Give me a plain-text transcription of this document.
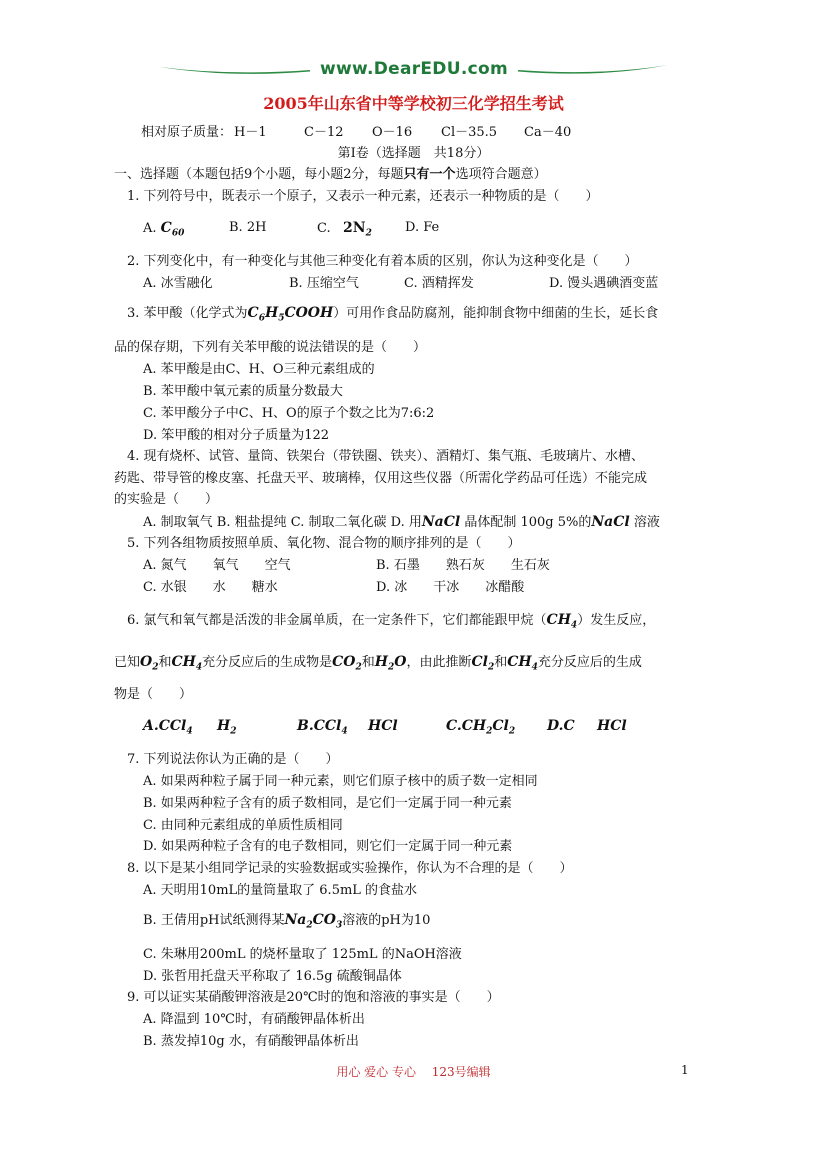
www.DearEDU.com
2005年山东省中等学校初三化学招生考试
相对原子质量： H－1	C－12 O－16 Cl－35.5 Ca－40
第Ⅰ卷（选择题　共18分）
一、选择题（本题包括9个小题，每小题2分，每题只有一个选项符合题意）
1. 下列符号中，既表示一个原子，又表示一种元素，还表示一种物质的是（　　）
A. $C_{60}$	B. 2H	C. $2N_2$	D. Fe
2. 下列变化中，有一种变化与其他三种变化有着本质的区别，你认为这种变化是（　　）
A. 冰雪融化	B. 压缩空气	C. 酒精挥发	D. 馒头遇碘酒变蓝
3. 苯甲酸（化学式为$C_6H_5COOH$）可用作食品防腐剂，能抑制食物中细菌的生长，延长食
品的保存期，下列有关苯甲酸的说法错误的是（　　）
A. 苯甲酸是由C、H、O三种元素组成的
B. 苯甲酸中氧元素的质量分数最大
C. 苯甲酸分子中C、H、O的原子个数之比为7:6:2
D. 笨甲酸的相对分子质量为122
4. 现有烧杯、试管、量筒、铁架台（带铁圈、铁夹）、酒精灯、集气瓶、毛玻璃片、水槽、
药匙、带导管的橡皮塞、托盘天平、玻璃棒，仅用这些仪器（所需化学药品可任选）不能完成
的实验是（　　）
A. 制取氧气 B. 粗盐提纯 C. 制取二氧化碳 D. 用NaCl 晶体配制 100g 5%的NaCl 溶液
5. 下列各组物质按照单质、氧化物、混合物的顺序排列的是（　　）
A. 氮气　　氧气　　空气	B. 石墨　　熟石灰　　生石灰
C. 水银　　水　　糖水	D. 冰　　干冰　　冰醋酸
6. 氯气和氧气都是活泼的非金属单质，在一定条件下，它们都能跟甲烷$(CH_4)$发生反应，
已知$O_2$和$CH_4$充分反应后的生成物是$CO_2$和$H_2O$，由此推断$Cl_2$和$CH_4$充分反应后的生成
物是（　　）
A.CCl$_4$ $H_2$	B.CCl$_4$ HCl	$C.CH_2Cl_2$ D.C HCl
7. 下列说法你认为正确的是（　　）
A. 如果两种粒子属于同一种元素，则它们原子核中的质子数一定相同
B. 如果两种粒子含有的质子数相同，是它们一定属于同一种元素
C. 由同种元素组成的单质性质相同
D. 如果两种粒子含有的电子数相同，则它们一定属于同一种元素
8. 以下是某小组同学记录的实验数据或实验操作，你认为不合理的是（　　）
A. 天明用10mL的量筒量取了 6.5mL 的食盐水
B. 王倩用pH试纸测得某$Na_2CO_3$溶液的pH为10
C. 朱琳用200mL 的烧杯量取了 125mL 的NaOH溶液
D. 张哲用托盘天平称取了 16.5g 硫酸铜晶体
9. 可以证实某硝酸钾溶液是20℃时的饱和溶液的事实是（　　）
A. 降温到 10℃时，有硝酸钾晶体析出
B. 蒸发掉10g 水，有硝酸钾晶体析出
用心 爱心 专心　 123号编辑	1
